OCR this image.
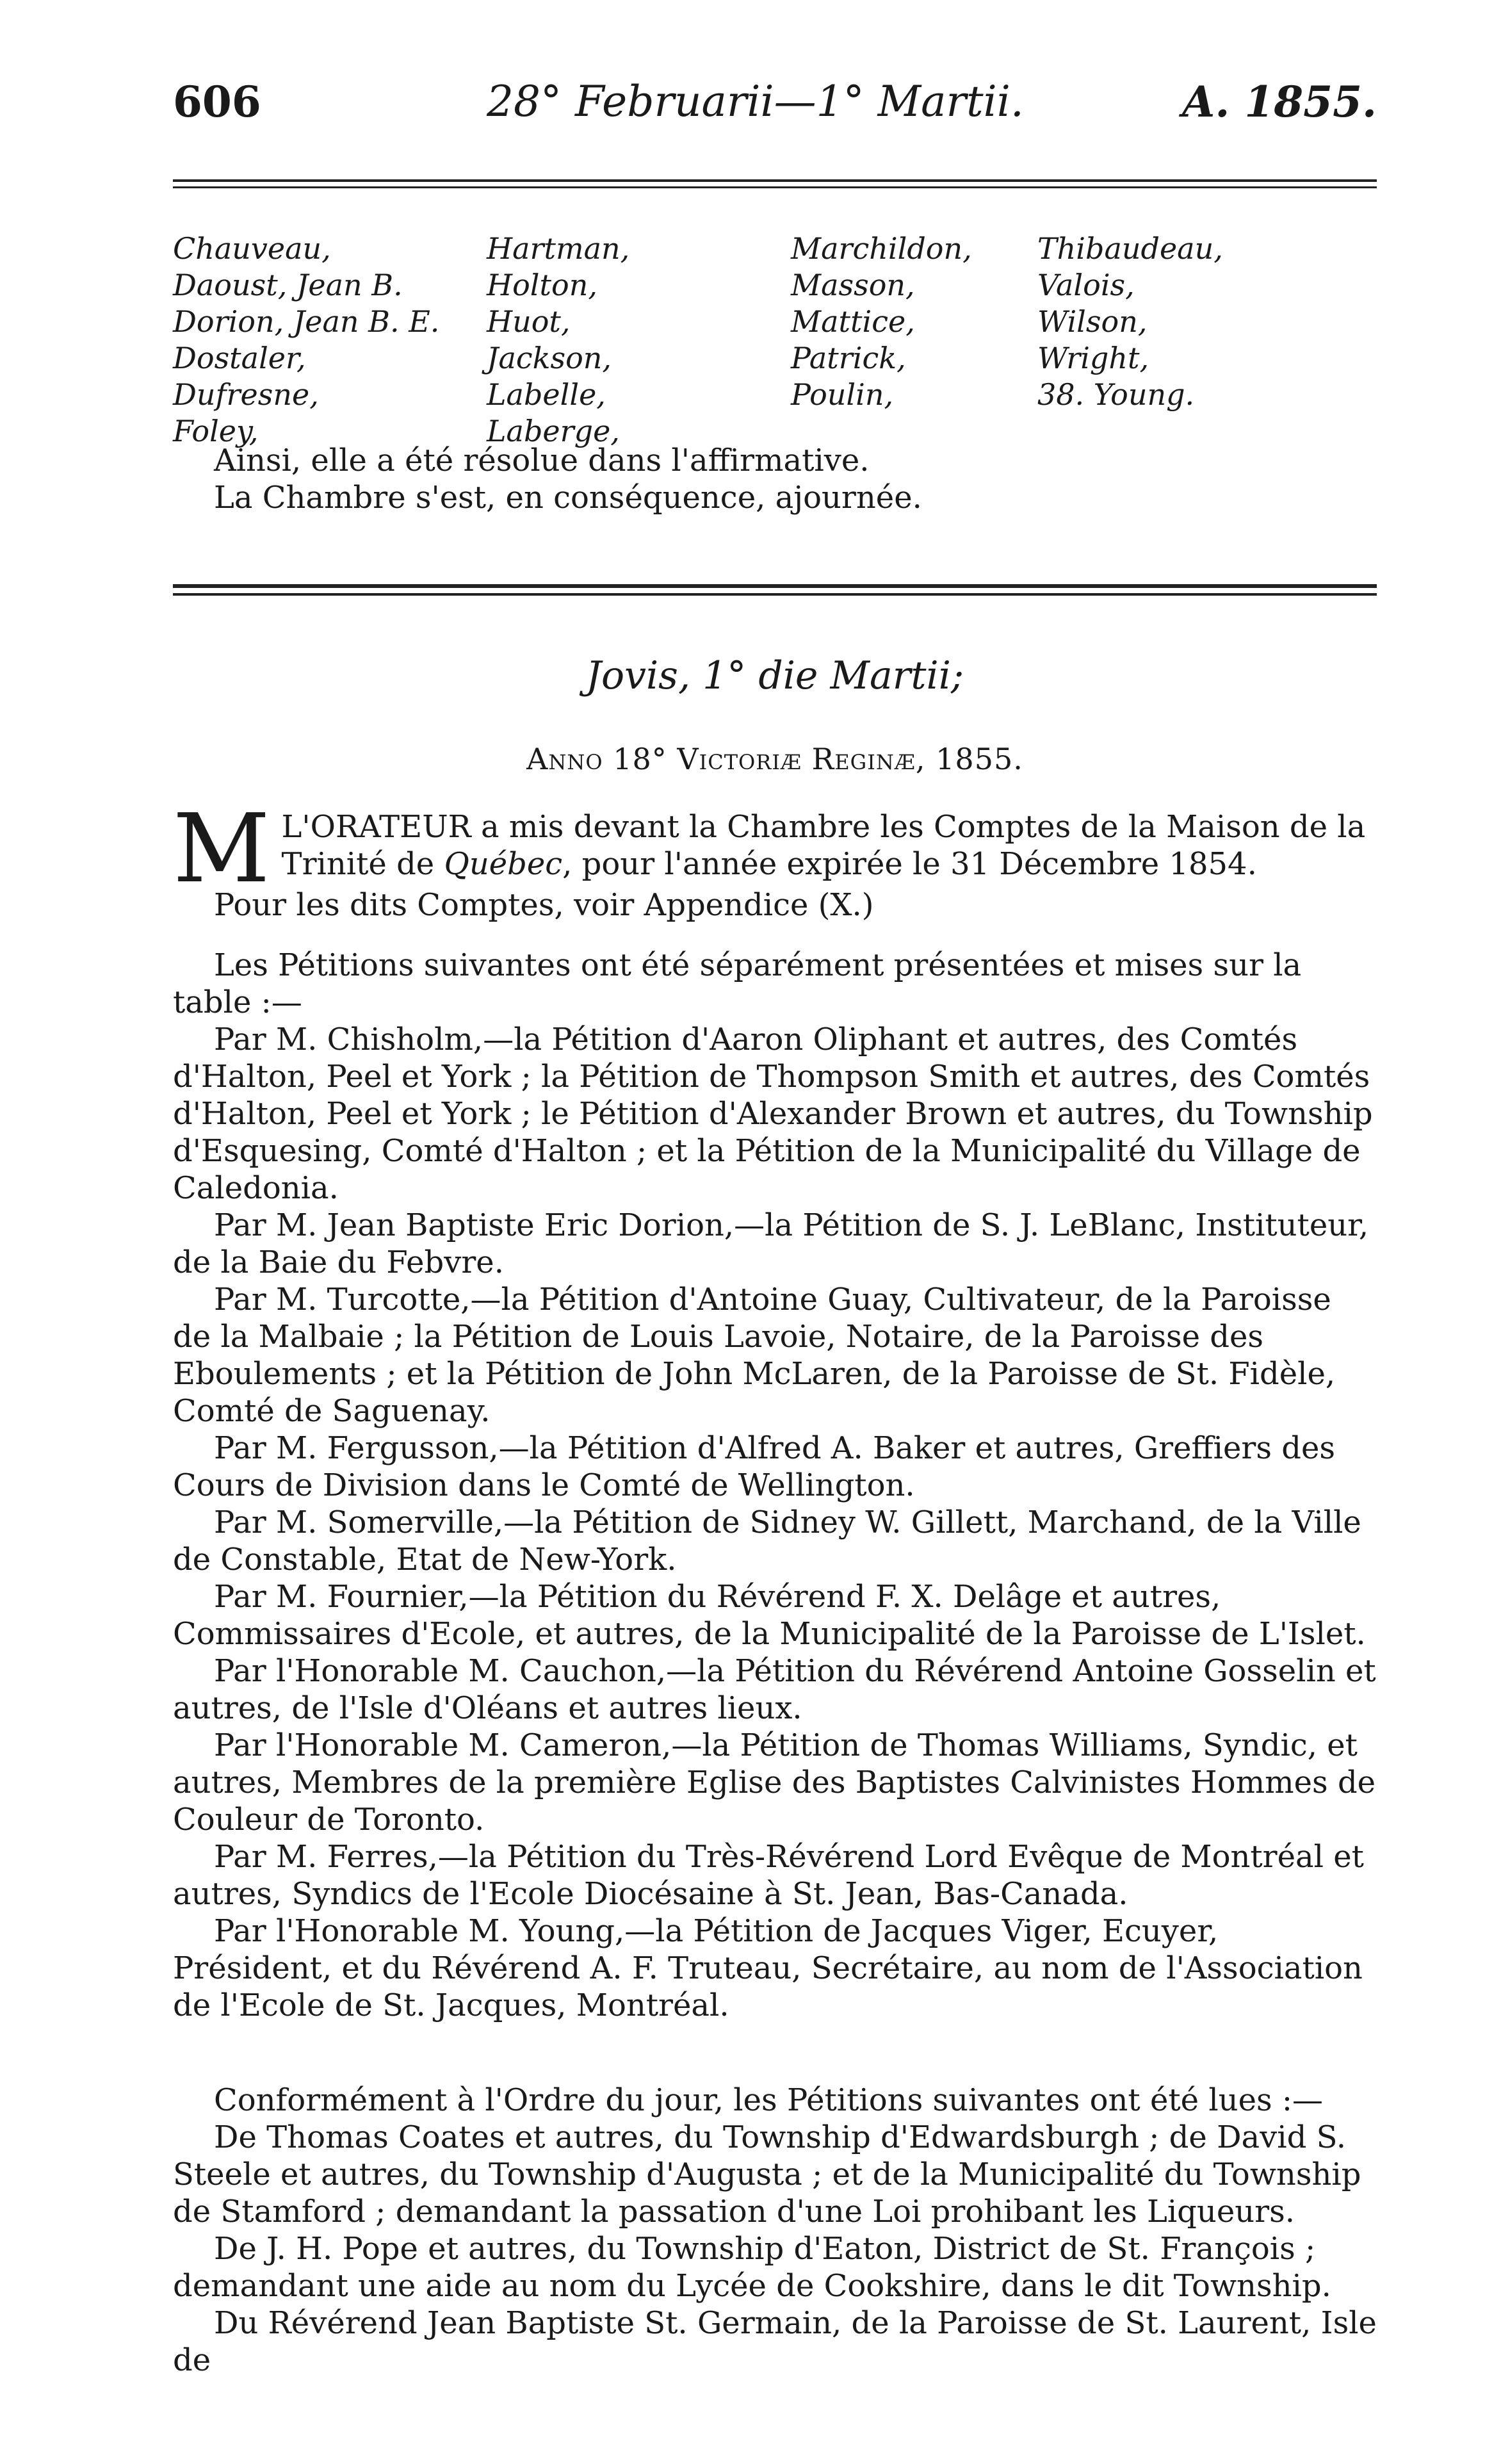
606	28° Februarii—1° Martii.	A. 1855.
Chauveau,
Daoust, Jean B.
Dorion, Jean B. E.
Dostaler,
Dufresne,
Foley,
Hartman,
Holton,
Huot,
Jackson,
Labelle,
Laberge,
Marchildon,
Masson,
Mattice,
Patrick,
Poulin,
Thibaudeau,
Valois,
Wilson,
Wright,
38. Young.

Ainsi, elle a été résolue dans l'affirmative.

La Chambre s'est, en conséquence, ajournée.

Jovis, 1° die Martii;
Anno 18° Victoriæ Reginæ, 1855.
M L'ORATEUR a mis devant la Chambre les Comptes de la Maison de la Trinité de Québec, pour l'année expirée le 31 Décembre 1854.

Pour les dits Comptes, voir Appendice (X.)

Les Pétitions suivantes ont été séparément présentées et mises sur la table :—

Par M. Chisholm,—la Pétition d'Aaron Oliphant et autres, des Comtés d'Halton, Peel et York ; la Pétition de Thompson Smith et autres, des Comtés d'Halton, Peel et York ; le Pétition d'Alexander Brown et autres, du Township d'Esquesing, Comté d'Halton ; et la Pétition de la Municipalité du Village de Caledonia.

Par M. Jean Baptiste Eric Dorion,—la Pétition de S. J. LeBlanc, Instituteur, de la Baie du Febvre.

Par M. Turcotte,—la Pétition d'Antoine Guay, Cultivateur, de la Paroisse de la Malbaie ; la Pétition de Louis Lavoie, Notaire, de la Paroisse des Eboulements ; et la Pétition de John McLaren, de la Paroisse de St. Fidèle, Comté de Saguenay.

Par M. Fergusson,—la Pétition d'Alfred A. Baker et autres, Greffiers des Cours de Division dans le Comté de Wellington.

Par M. Somerville,—la Pétition de Sidney W. Gillett, Marchand, de la Ville de Constable, Etat de New-York.

Par M. Fournier,—la Pétition du Révérend F. X. Delâge et autres, Commissaires d'Ecole, et autres, de la Municipalité de la Paroisse de L'Islet.

Par l'Honorable M. Cauchon,—la Pétition du Révérend Antoine Gosselin et autres, de l'Isle d'Oléans et autres lieux.

Par l'Honorable M. Cameron,—la Pétition de Thomas Williams, Syndic, et autres, Membres de la première Eglise des Baptistes Calvinistes Hommes de Couleur de Toronto.

Par M. Ferres,—la Pétition du Très-Révérend Lord Evêque de Montréal et autres, Syndics de l'Ecole Diocésaine à St. Jean, Bas-Canada.

Par l'Honorable M. Young,—la Pétition de Jacques Viger, Ecuyer, Président, et du Révérend A. F. Truteau, Secrétaire, au nom de l'Association de l'Ecole de St. Jacques, Montréal.

Conformément à l'Ordre du jour, les Pétitions suivantes ont été lues :—

De Thomas Coates et autres, du Township d'Edwardsburgh ; de David S. Steele et autres, du Township d'Augusta ; et de la Municipalité du Township de Stamford ; demandant la passation d'une Loi prohibant les Liqueurs.

De J. H. Pope et autres, du Township d'Eaton, District de St. François ; demandant une aide au nom du Lycée de Cookshire, dans le dit Township.

Du Révérend Jean Baptiste St. Germain, de la Paroisse de St. Laurent, Isle de
